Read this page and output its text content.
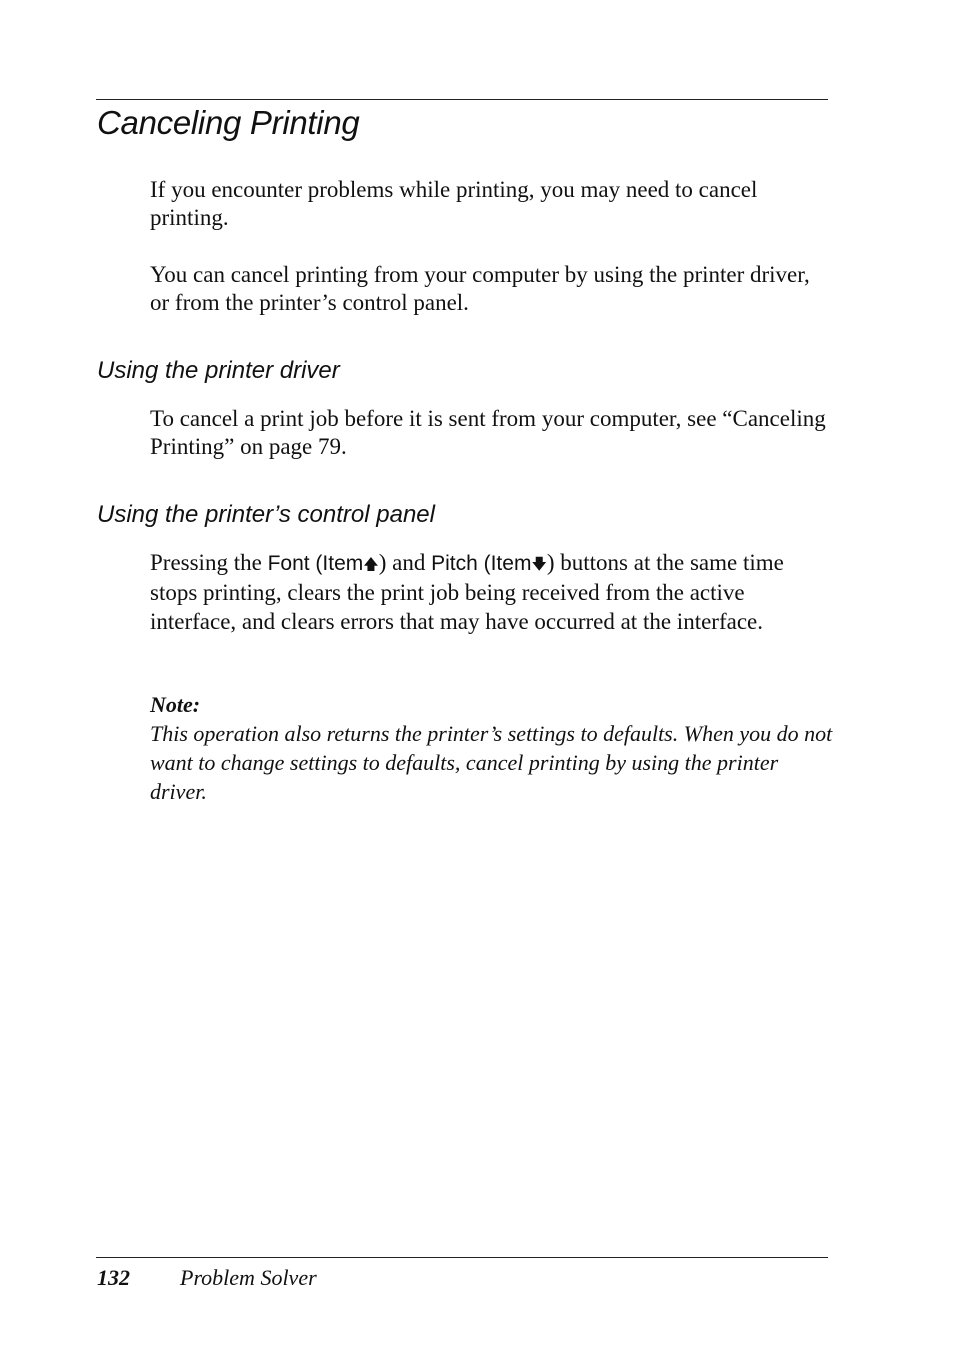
Canceling Printing

If you encounter problems while printing, you may need to cancel printing.

You can cancel printing from your computer by using the printer driver, or from the printer’s control panel.

Using the printer driver

To cancel a print job before it is sent from your computer, see “Canceling Printing” on page 79.

Using the printer’s control panel

Pressing the Font (Item🡅) and Pitch (Item🡇) buttons at the same time stops printing, clears the print job being received from the active interface, and clears errors that may have occurred at the interface.

Note:

This operation also returns the printer’s settings to defaults. When you do not want to change settings to defaults, cancel printing by using the printer driver.

132 Problem Solver
